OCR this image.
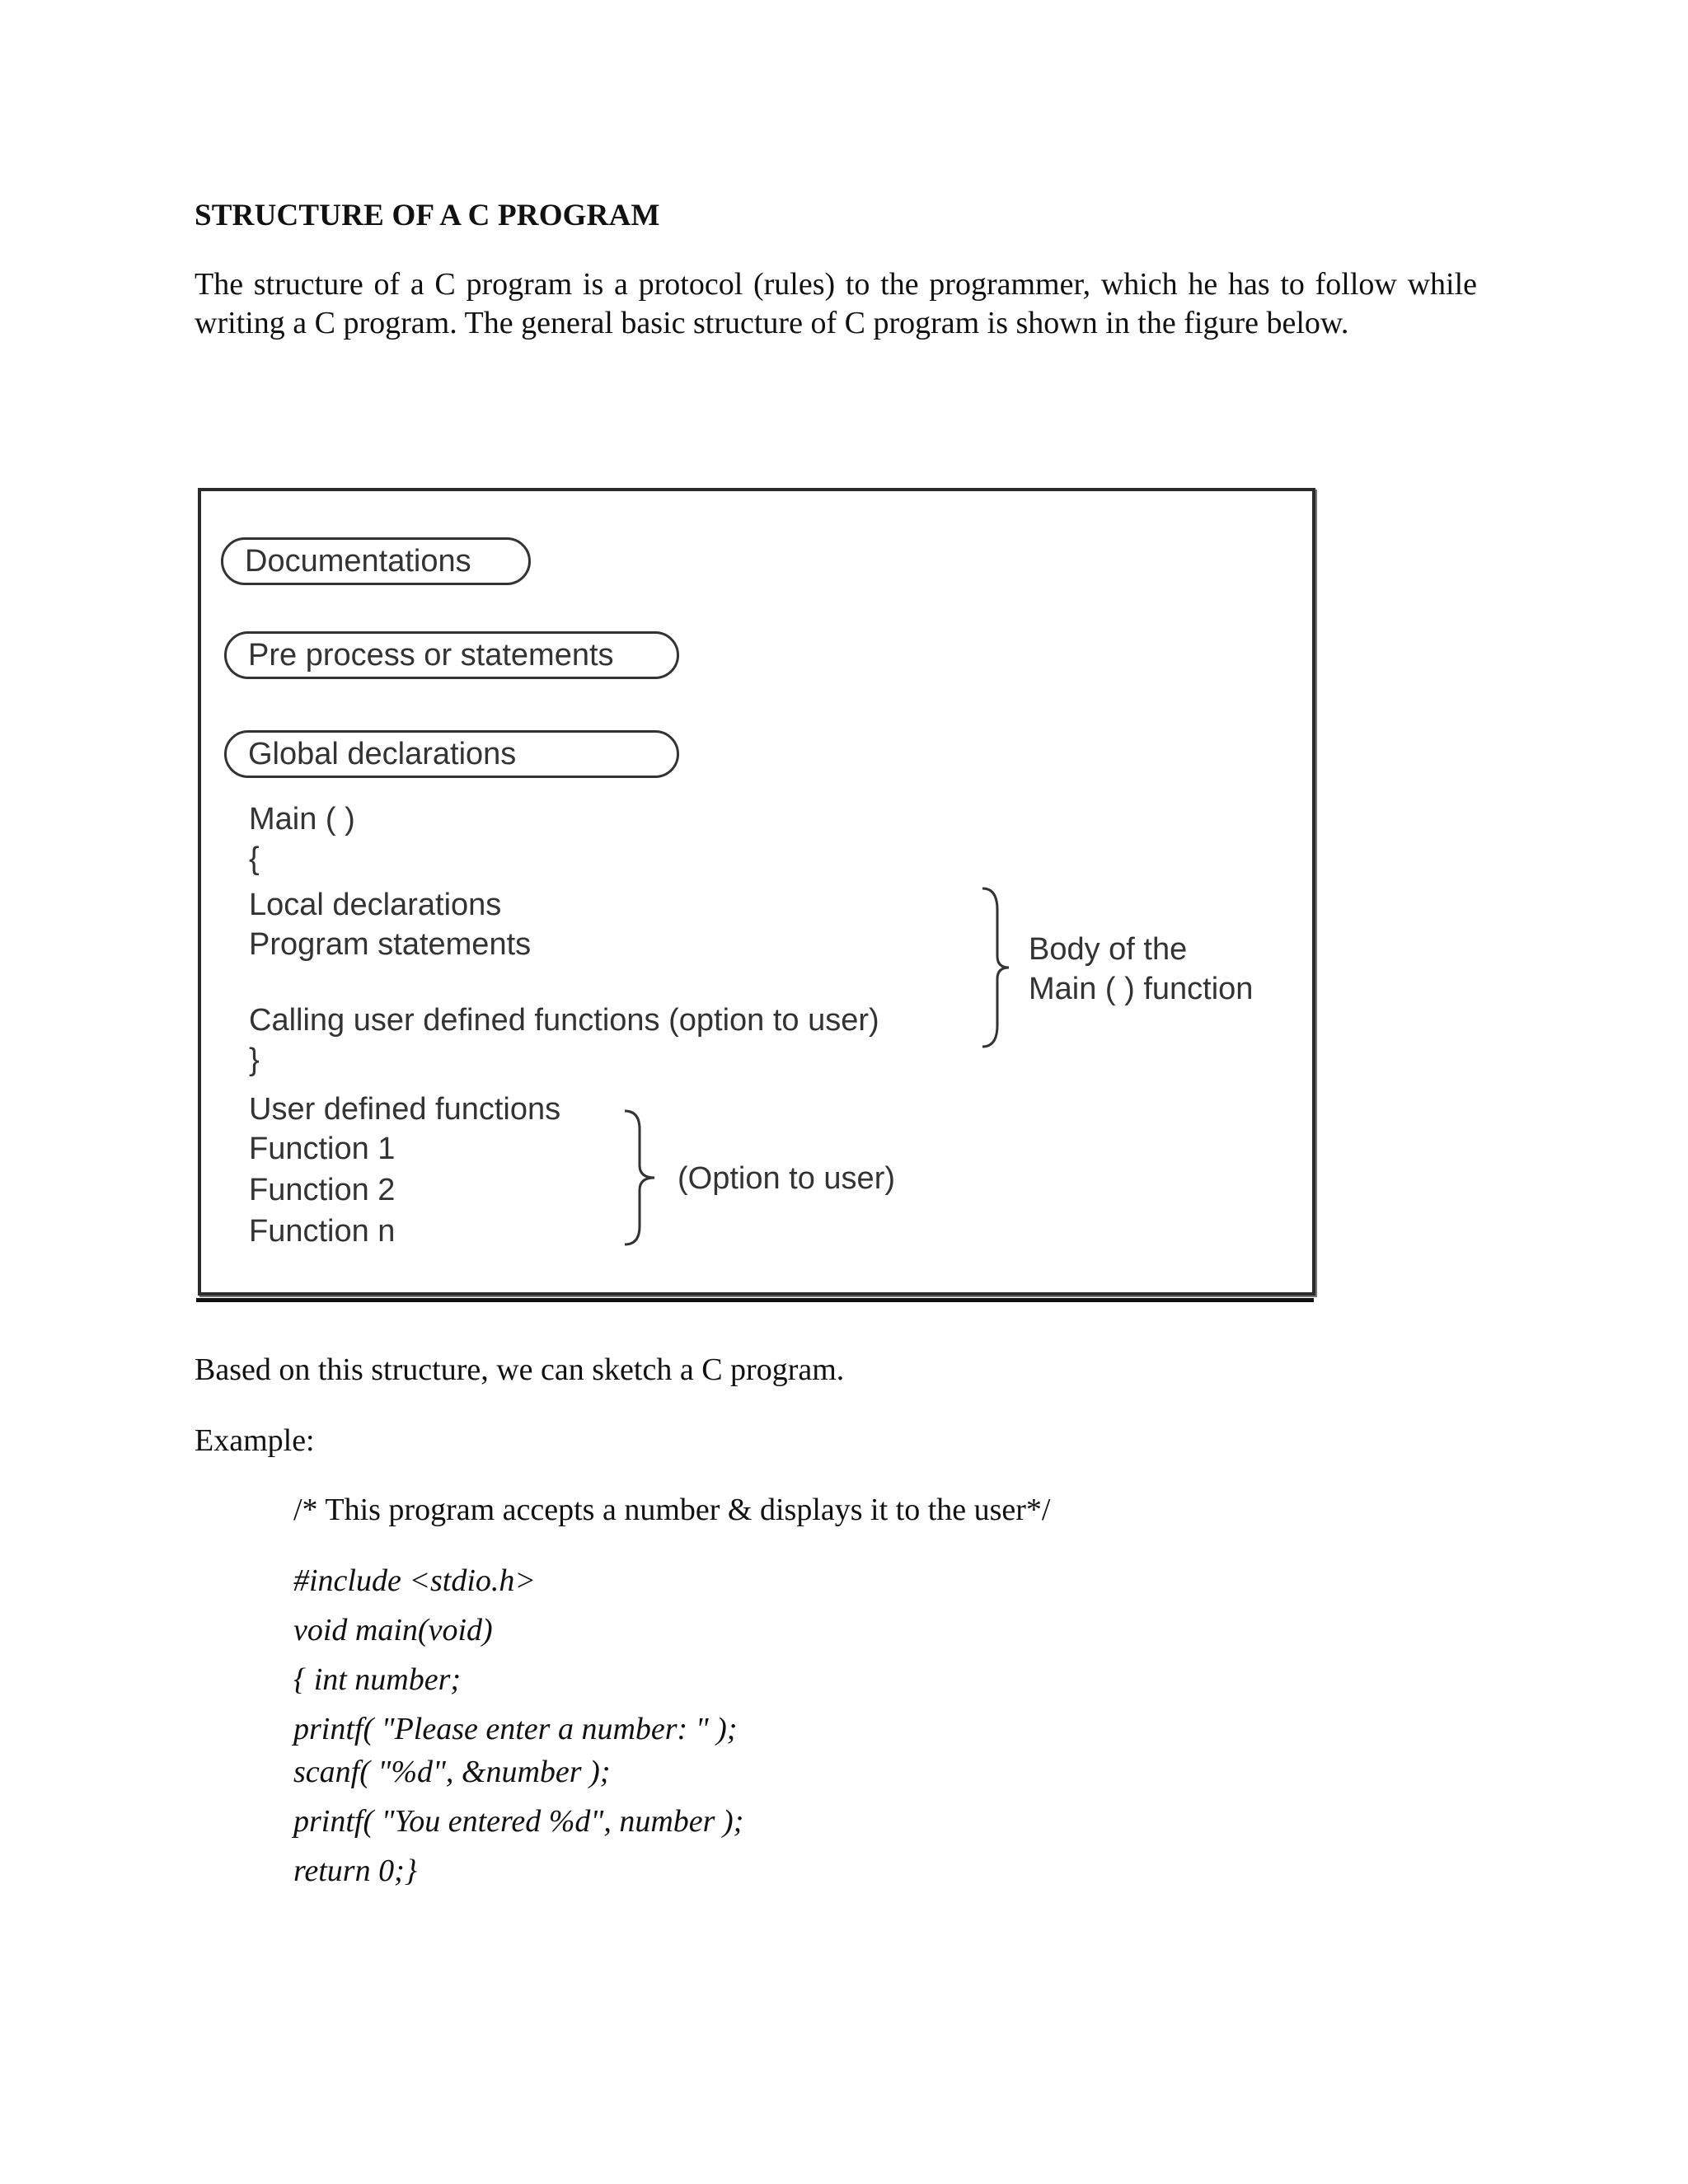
STRUCTURE OF A C PROGRAM
The structure of a C program is a protocol (rules) to the programmer, which he has to follow while writing a C program. The general basic structure of C program is shown in the figure below.
Documentations
Pre process or statements
Global declarations
Main ( )
{
Local declarations
Program statements
Calling user defined functions (option to user)
}
Body of the
Main ( ) function
User defined functions
Function 1
Function 2
Function n
(Option to user)
Based on this structure, we can sketch a C program.
Example:
/* This program accepts a number & displays it to the user*/
#include <stdio.h>
void main(void)
{ int number;
printf( "Please enter a number: " );
scanf( "%d", &number );
printf( "You entered %d", number );
return 0;}
